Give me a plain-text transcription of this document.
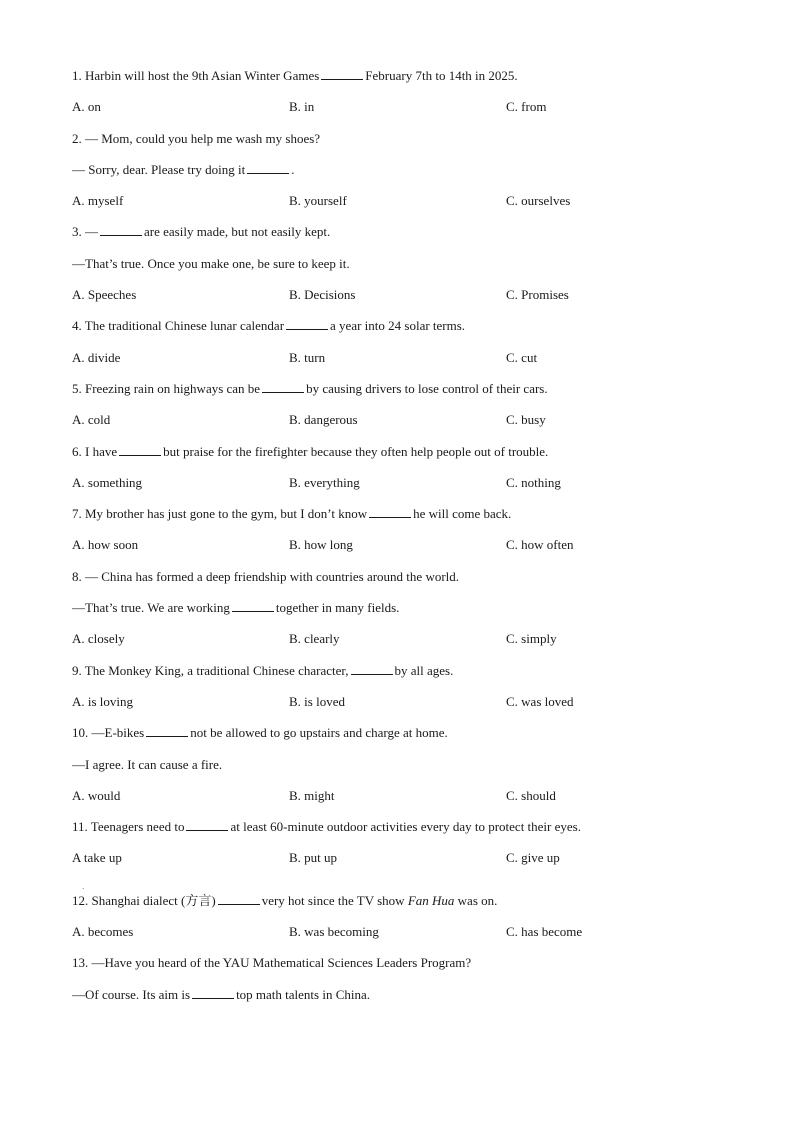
1. Harbin will host the 9th Asian Winter Games	February 7th to 14th in 2025.
A. on	B. in	C. from
2. — Mom, could you help me wash my shoes?
— Sorry, dear. Please try doing it	.
A. myself	B. yourself	C. ourselves
3. —	are easily made, but not easily kept.
—That’s true. Once you make one, be sure to keep it.
A. Speeches	B. Decisions	C. Promises
4. The traditional Chinese lunar calendar	a year into 24 solar terms.
A. divide	B. turn	C. cut
5. Freezing rain on highways can be	by causing drivers to lose control of their cars.
A. cold	B. dangerous	C. busy
6. I have	but praise for the firefighter because they often help people out of trouble.
A. something	B. everything	C. nothing
7. My brother has just gone to the gym, but I don’t know	he will come back.
A. how soon	B. how long	C. how often
8. — China has formed a deep friendship with countries around the world.
—That’s true. We are working	together in many fields.
A. closely	B. clearly	C. simply
9. The Monkey King, a traditional Chinese character,	by all ages.
A. is loving	B. is loved	C. was loved
10. —E-bikes	not be allowed to go upstairs and charge at home.
—I agree. It can cause a fire.
A. would	B. might	C. should
11. Teenagers need to	at least 60-minute outdoor activities every day to protect their eyes.
A take up	B. put up	C. give up
12. Shanghai dialect (方言)	very hot since the TV show Fan Hua was on.
·
A. becomes	B. was becoming	C. has become
13. —Have you heard of the YAU Mathematical Sciences Leaders Program?
—Of course. Its aim is	top math talents in China.
